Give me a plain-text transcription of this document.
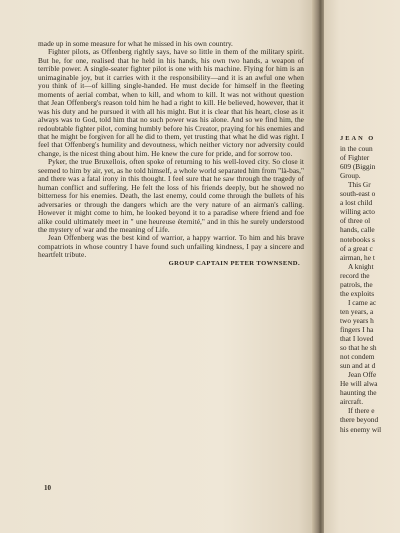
made up in some measure for what he missed in his own country.

Fighter pilots, as Offenberg rightly says, have so little in them of the military spirit. But he, for one, realised that he held in his hands, his own two hands, a weapon of terrible power. A single-seater fighter pilot is one with his machine. Flying for him is an unimaginable joy, but it carries with it the responsibility—and it is an awful one when you think of it—of killing single-handed. He must decide for himself in the fleeting moments of aerial combat, when to kill, and whom to kill. It was not without question that Jean Offenberg's reason told him he had a right to kill. He believed, however, that it was his duty and he pursued it with all his might. But it is clear that his heart, close as it always was to God, told him that no such power was his alone. And so we find him, the redoubtable fighter pilot, coming humbly before his Creator, praying for his enemies and that he might be forgiven for all he did to them, yet trusting that what he did was right. I feel that Offenberg's humility and devoutness, which neither victory nor adversity could change, is the nicest thing about him. He knew the cure for pride, and for sorrow too.

Pyker, the true Bruxellois, often spoke of returning to his well-loved city. So close it seemed to him by air, yet, as he told himself, a whole world separated him from "là-bas," and there was a fatal irony in this thought. I feel sure that he saw through the tragedy of human conflict and suffering. He felt the loss of his friends deeply, but he showed no bitterness for his enemies. Death, the last enemy, could come through the bullets of his adversaries or through the dangers which are the very nature of an airman's calling. However it might come to him, he looked beyond it to a paradise where friend and foe alike could ultimately meet in " une heureuse éternité," and in this he surely understood the mystery of war and the meaning of Life.

Jean Offenberg was the best kind of warrior, a happy warrior. To him and his brave compatriots in whose country I have found such unfailing kindness, I pay a sincere and heartfelt tribute.

GROUP CAPTAIN PETER TOWNSEND.

10
JEAN O
in the coun
of Fighter
609 (Biggin
Group.
This Gr
south-east o
a lost child
willing acto
of three ol
hands, calle
notebooks s
of a great c
airman, he t
A knight
record the
patrols, the
the exploits
I came ac
ten years, a
two years h
fingers I ha
that I loved
so that he sh
not condem
sun and at d
Jean Offe
He will alwa
haunting the
aircraft.
If there e
there beyond
his enemy wil
